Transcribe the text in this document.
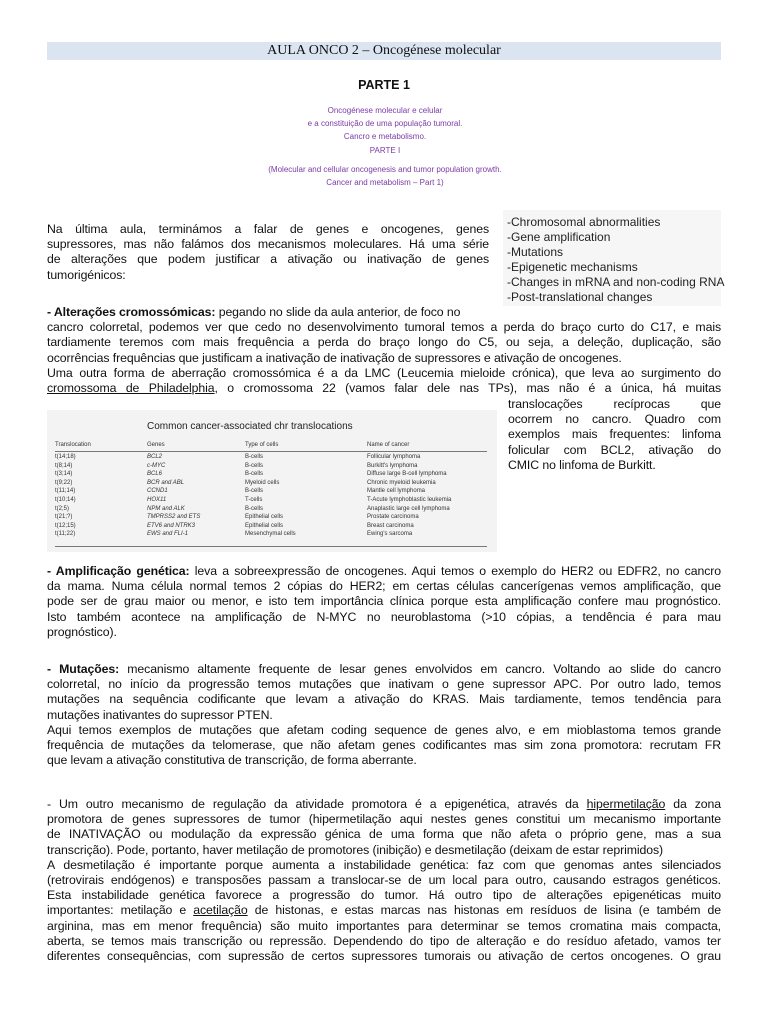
AULA ONCO 2 – Oncogénese molecular
PARTE 1
Oncogénese molecular e celular
e a constituição de uma população tumoral.
Cancro e metabolismo.
PARTE I
(Molecular and cellular oncogenesis and tumor population growth.
Cancer and metabolism – Part 1)
-Chromosomal abnormalities
-Gene amplification
-Mutations
-Epigenetic mechanisms
-Changes in mRNA and non-coding RNA
-Post-translational changes
Na última aula, terminámos a falar de genes e oncogenes, genes
supressores, mas não falámos dos mecanismos moleculares. Há uma série
de alterações que podem justificar a ativação ou inativação de genes
tumorigénicos:
- Alterações cromossómicas: pegando no slide da aula anterior, de foco no
cancro colorretal, podemos ver que cedo no desenvolvimento tumoral temos a perda do braço curto do C17, e mais
tardiamente teremos com mais frequência a perda do braço longo do C5, ou seja, a deleção, duplicação, são
ocorrências frequências que justificam a inativação de inativação de supressores e ativação de oncogenes.
Uma outra forma de aberração cromossómica é a da LMC (Leucemia mieloide crónica), que leva ao surgimento do
cromossoma de Philadelphia, o cromossoma 22 (vamos falar dele nas TPs), mas não é a única, há muitas
translocações recíprocas que
ocorrem no cancro. Quadro com
exemplos mais frequentes: linfoma
folicular com BCL2, ativação do
CMIC no linfoma de Burkitt.
Common cancer-associated chr translocations
Translocation	Genes	Type of cells	Name of cancer
t(14;18)	BCL2	B-cells	Follicular lymphoma
t(8;14)	c-MYC	B-cells	Burkitt's lymphoma
t(3;14)	BCL6	B-cells	Diffuse large B-cell lymphoma
t(9;22)	BCR and ABL	Myeloid cells	Chronic myeloid leukemia
t(11;14)	CCND1	B-cells	Mantle cell lymphoma
t(10;14)	HOX11	T-cells	T-Acute lymphoblastic leukemia
t(2;5)	NPM and ALK	B-cells	Anaplastic large cell lymphoma
t(21;?)	TMPRSS2 and ETS	Epithelial cells	Prostate carcinoma
t(12;15)	ETV6 and NTRK3	Epithelial cells	Breast carcinoma
t(11;22)	EWS and FLI-1	Mesenchymal cells	Ewing's sarcoma
- Amplificação genética: leva a sobreexpressão de oncogenes. Aqui temos o exemplo do HER2 ou EDFR2, no cancro
da mama. Numa célula normal temos 2 cópias do HER2; em certas células cancerígenas vemos amplificação, que
pode ser de grau maior ou menor, e isto tem importância clínica porque esta amplificação confere mau prognóstico.
Isto também acontece na amplificação de N-MYC no neuroblastoma (>10 cópias, a tendência é para mau
prognóstico).
- Mutações: mecanismo altamente frequente de lesar genes envolvidos em cancro. Voltando ao slide do cancro
colorretal, no início da progressão temos mutações que inativam o gene supressor APC. Por outro lado, temos
mutações na sequência codificante que levam a ativação do KRAS. Mais tardiamente, temos tendência para
mutações inativantes do supressor PTEN.
Aqui temos exemplos de mutações que afetam coding sequence de genes alvo, e em mioblastoma temos grande
frequência de mutações da telomerase, que não afetam genes codificantes mas sim zona promotora: recrutam FR
que levam a ativação constitutiva de transcrição, de forma aberrante.
- Um outro mecanismo de regulação da atividade promotora é a epigenética, através da hipermetilação da zona
promotora de genes supressores de tumor (hipermetilação aqui nestes genes constitui um mecanismo importante
de INATIVAÇÃO ou modulação da expressão génica de uma forma que não afeta o próprio gene, mas a sua
transcrição). Pode, portanto, haver metilação de promotores (inibição) e desmetilação (deixam de estar reprimidos)
A desmetilação é importante porque aumenta a instabilidade genética: faz com que genomas antes silenciados
(retrovirais endógenos) e transposões passam a translocar-se de um local para outro, causando estragos genéticos.
Esta instabilidade genética favorece a progressão do tumor. Há outro tipo de alterações epigenéticas muito
importantes: metilação e acetilação de histonas, e estas marcas nas histonas em resíduos de lisina (e também de
arginina, mas em menor frequência) são muito importantes para determinar se temos cromatina mais compacta,
aberta, se temos mais transcrição ou repressão. Dependendo do tipo de alteração e do resíduo afetado, vamos ter
diferentes consequências, com supressão de certos supressores tumorais ou ativação de certos oncogenes. O grau
